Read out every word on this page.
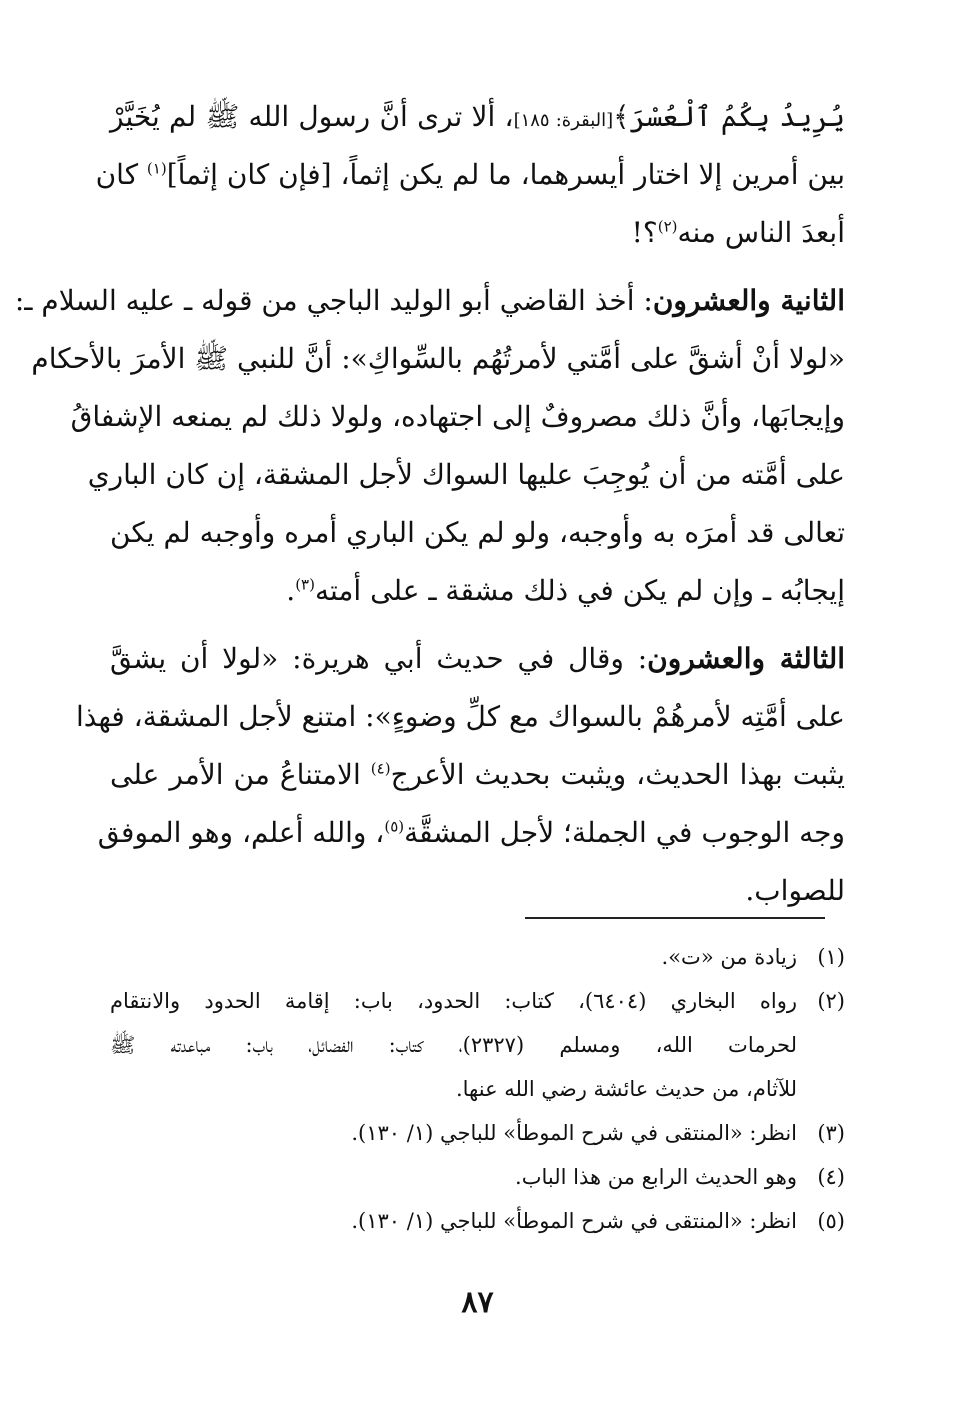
يُرِيدُ بِكُمُ ٱلْعُسْرَ﴾[البقرة: ١٨٥]، ألا ترى أنَّ رسول الله ﷺ لم يُخَيَّرْ
بين أمرين إلا اختار أيسرهما، ما لم يكن إثماً، [فإن كان إثماً]$^{(١)}$ كان
أبعدَ الناس منه$^{(٢)}$؟!
الثانية والعشرون: أخذ القاضي أبو الوليد الباجي من قوله ـ عليه السلام ـ:
«لولا أنْ أشقَّ على أمَّتي لأمرتُهُم بالسِّواكِ»: أنَّ للنبي ﷺ الأمرَ بالأحكام
وإيجابَها، وأنَّ ذلك مصروفٌ إلى اجتهاده، ولولا ذلك لم يمنعه الإشفاقُ
على أمَّته من أن يُوجِبَ عليها السواك لأجل المشقة، إن كان الباري
تعالى قد أمرَه به وأوجبه، ولو لم يكن الباري أمره وأوجبه لم يكن
إيجابُه ـ وإن لم يكن في ذلك مشقة ـ على أمته$^{(٣)}$.
الثالثة والعشرون: وقال في حديث أبي هريرة: «لولا أن يشقَّ
على أمَّتِه لأمرهُمْ بالسواك مع كلِّ وضوءٍ»: امتنع لأجل المشقة، فهذا
يثبت بهذا الحديث، ويثبت بحديث الأعرج$^{(٤)}$ الامتناعُ من الأمر على
وجه الوجوب في الجملة؛ لأجل المشقَّة$^{(٥)}$، والله أعلم، وهو الموفق
للصواب.
(١)
زيادة من «ت».
(٢)
رواه البخاري (٦٤٠٤)، كتاب: الحدود، باب: إقامة الحدود والانتقام
لحرمات الله، ومسلم (٢٣٢٧)، كتاب: الفضائل، باب: مباعدته ﷺ
للآثام، من حديث عائشة رضي الله عنها.
(٣)
انظر: «المنتقى في شرح الموطأ» للباجي (١/ ١٣٠).
(٤)
وهو الحديث الرابع من هذا الباب.
(٥)
انظر: «المنتقى في شرح الموطأ» للباجي (١/ ١٣٠).
٨٧
